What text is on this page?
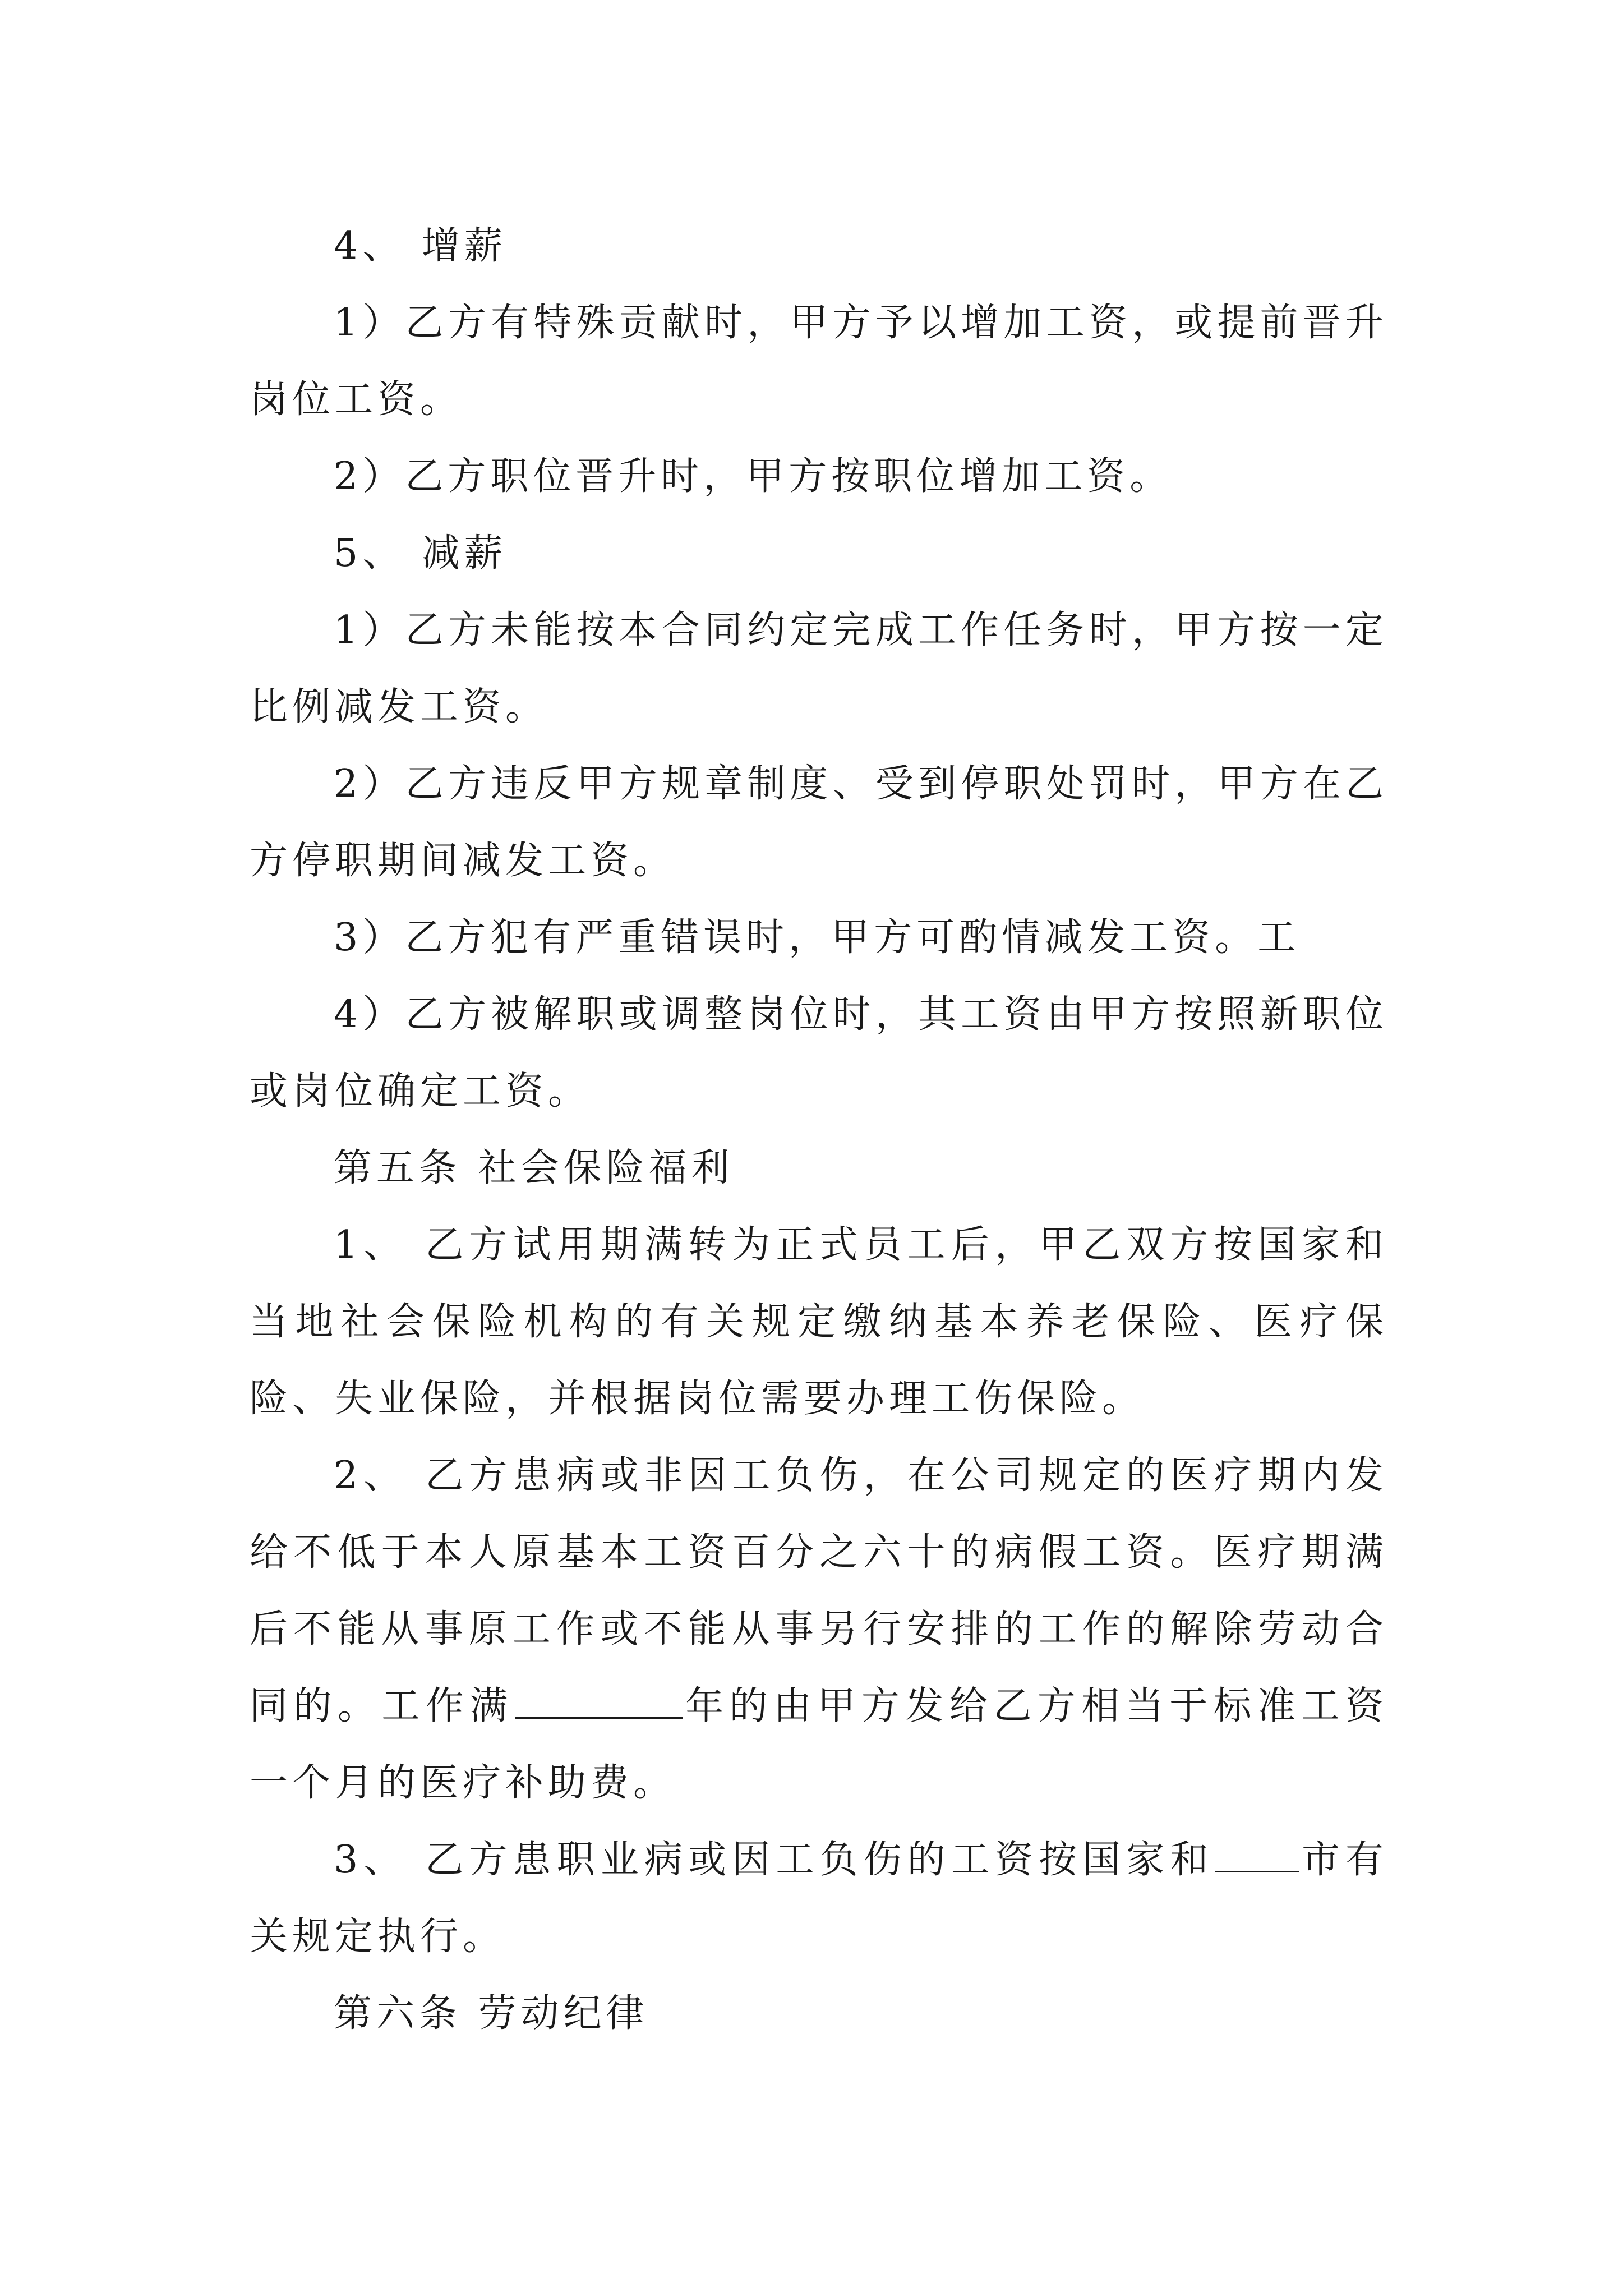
4、 增薪

1）乙方有特殊贡献时，甲方予以增加工资，或提前晋升岗位工资。

2）乙方职位晋升时，甲方按职位增加工资。

5、 减薪

1）乙方未能按本合同约定完成工作任务时，甲方按一定比例减发工资。

2）乙方违反甲方规章制度、受到停职处罚时，甲方在乙方停职期间减发工资。

3）乙方犯有严重错误时，甲方可酌情减发工资。工

4）乙方被解职或调整岗位时，其工资由甲方按照新职位或岗位确定工资。

第五条 社会保险福利

1、 乙方试用期满转为正式员工后，甲乙双方按国家和当地社会保险机构的有关规定缴纳基本养老保险、医疗保险、失业保险，并根据岗位需要办理工伤保险。

2、 乙方患病或非因工负伤，在公司规定的医疗期内发给不低于本人原基本工资百分之六十的病假工资。医疗期满后不能从事原工作或不能从事另行安排的工作的解除劳动合同的。工作满	年的由甲方发给乙方相当于标准工资一个月的医疗补助费。

3、 乙方患职业病或因工负伤的工资按国家和 市有关规定执行。

第六条 劳动纪律
